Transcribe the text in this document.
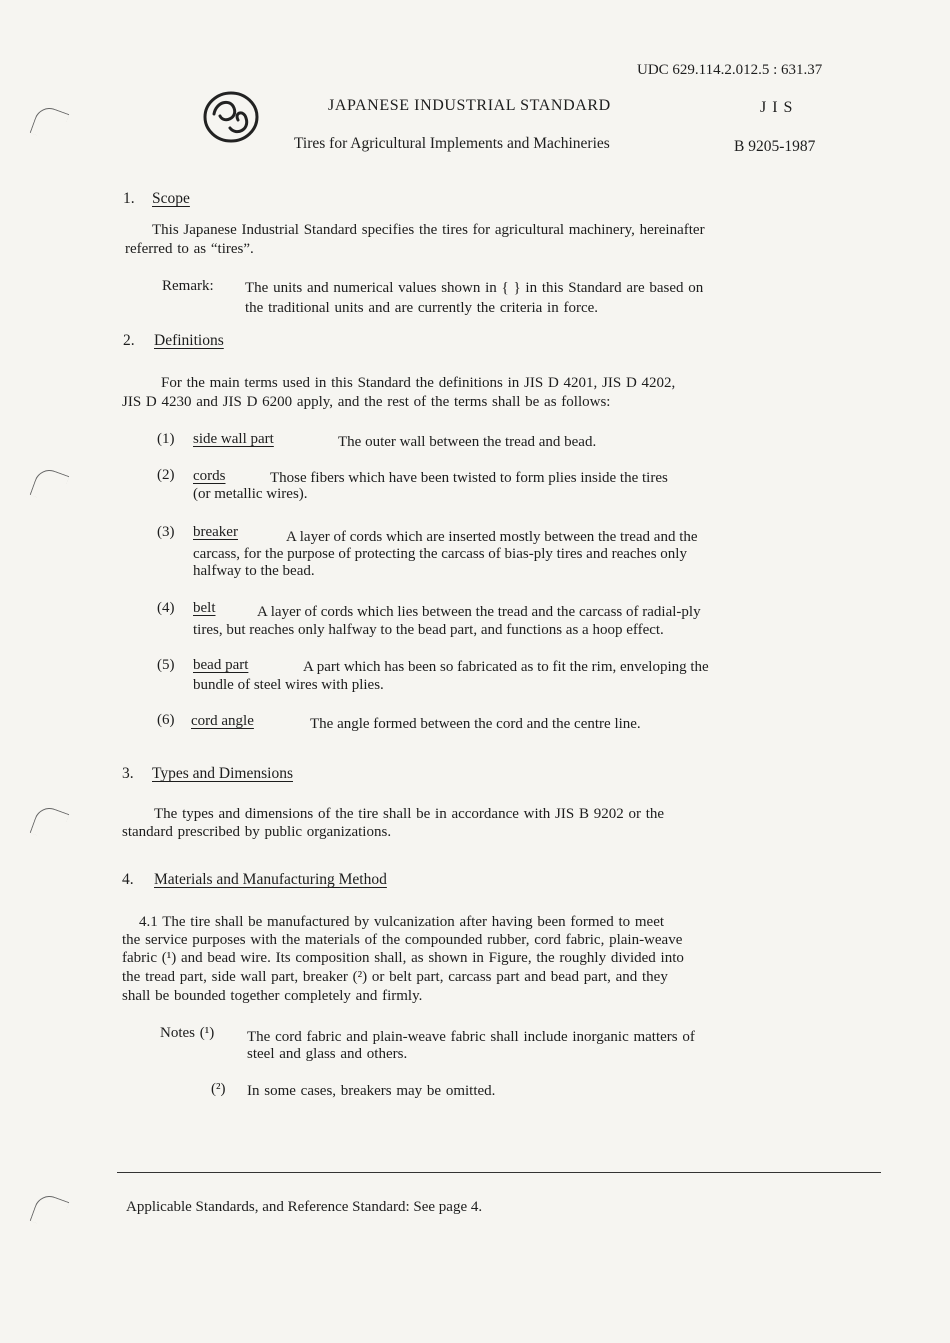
UDC 629.114.2.012.5 : 631.37
JAPANESE INDUSTRIAL STANDARD	J I S
Tires for Agricultural Implements and Machineries	B 9205-1987
1. Scope
This Japanese Industrial Standard specifies the tires for agricultural machinery, hereinafter
referred to as “tires”.
Remark: The units and numerical values shown in { } in this Standard are based on
the traditional units and are currently the criteria in force.
2. Definitions
For the main terms used in this Standard the definitions in JIS D 4201, JIS D 4202,
JIS D 4230 and JIS D 6200 apply, and the rest of the terms shall be as follows:
(1) side wall part	The outer wall between the tread and bead.
(2) cords	Those fibers which have been twisted to form plies inside the tires
(or metallic wires).
(3) breaker	A layer of cords which are inserted mostly between the tread and the
carcass, for the purpose of protecting the carcass of bias-ply tires and reaches only
halfway to the bead.
(4) belt	A layer of cords which lies between the tread and the carcass of radial-ply
tires, but reaches only halfway to the bead part, and functions as a hoop effect.
(5) bead part	A part which has been so fabricated as to fit the rim, enveloping the
bundle of steel wires with plies.
(6) cord angle	The angle formed between the cord and the centre line.
3. Types and Dimensions
The types and dimensions of the tire shall be in accordance with JIS B 9202 or the
standard prescribed by public organizations.
4. Materials and Manufacturing Method
4.1 The tire shall be manufactured by vulcanization after having been formed to meet
the service purposes with the materials of the compounded rubber, cord fabric, plain-weave
fabric (¹) and bead wire. Its composition shall, as shown in Figure, the roughly divided into
the tread part, side wall part, breaker (²) or belt part, carcass part and bead part, and they
shall be bounded together completely and firmly.
Notes (¹) The cord fabric and plain-weave fabric shall include inorganic matters of
steel and glass and others.
(²) In some cases, breakers may be omitted.
Applicable Standards, and Reference Standard: See page 4.
